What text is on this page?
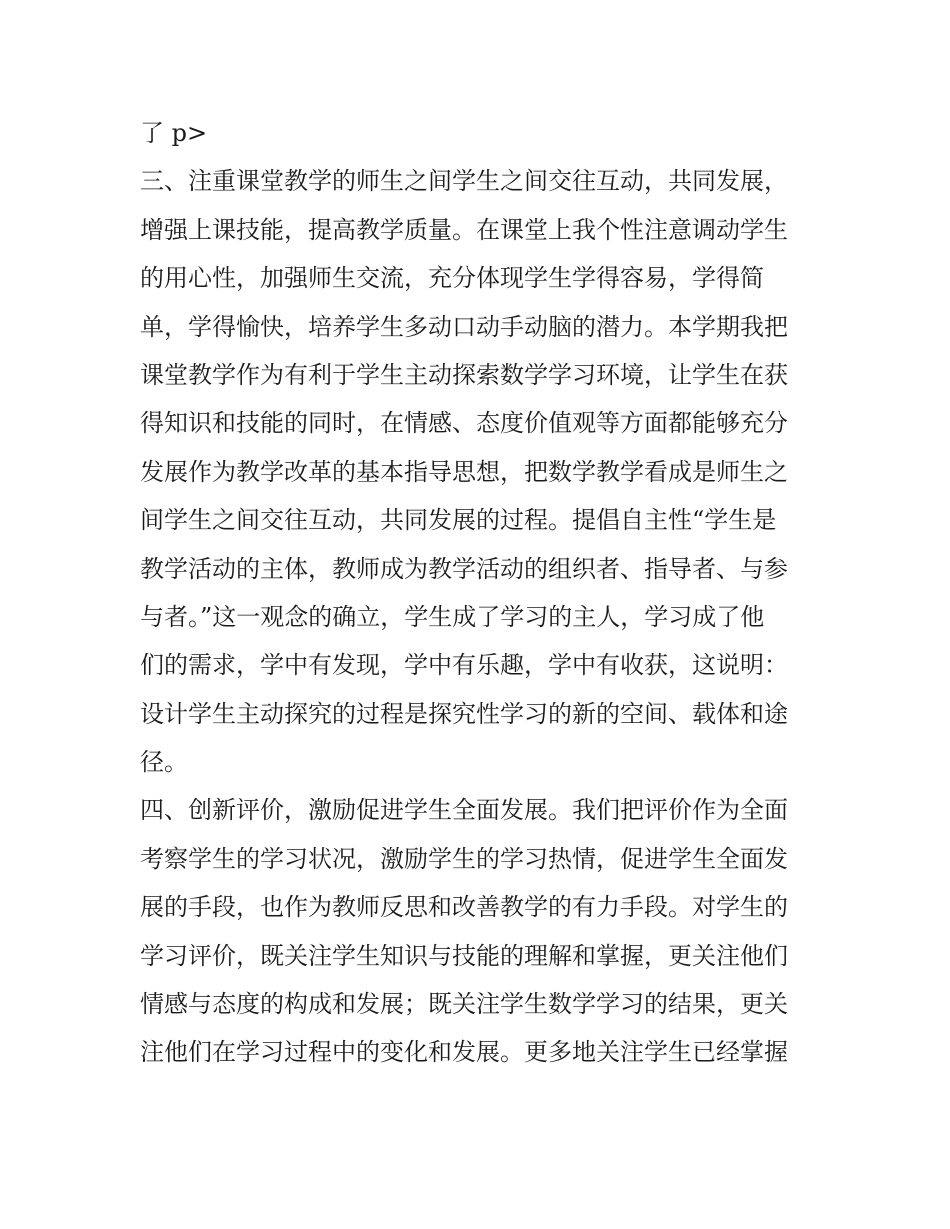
了 p>
三、注重课堂教学的师生之间学生之间交往互动，共同发展，
增强上课技能，提高教学质量。在课堂上我个性注意调动学生
的用心性，加强师生交流，充分体现学生学得容易，学得简
单，学得愉快，培养学生多动口动手动脑的潜力。本学期我把
课堂教学作为有利于学生主动探索数学学习环境，让学生在获
得知识和技能的同时，在情感、态度价值观等方面都能够充分
发展作为教学改革的基本指导思想，把数学教学看成是师生之
间学生之间交往互动，共同发展的过程。提倡自主性“学生是
教学活动的主体，教师成为教学活动的组织者、指导者、与参
与者。”这一观念的确立，学生成了学习的主人，学习成了他
们的需求，学中有发现，学中有乐趣，学中有收获，这说明：
设计学生主动探究的过程是探究性学习的新的空间、载体和途
径。
四、创新评价，激励促进学生全面发展。我们把评价作为全面
考察学生的学习状况，激励学生的学习热情，促进学生全面发
展的手段，也作为教师反思和改善教学的有力手段。对学生的
学习评价，既关注学生知识与技能的理解和掌握，更关注他们
情感与态度的构成和发展；既关注学生数学学习的结果，更关
注他们在学习过程中的变化和发展。更多地关注学生已经掌握
